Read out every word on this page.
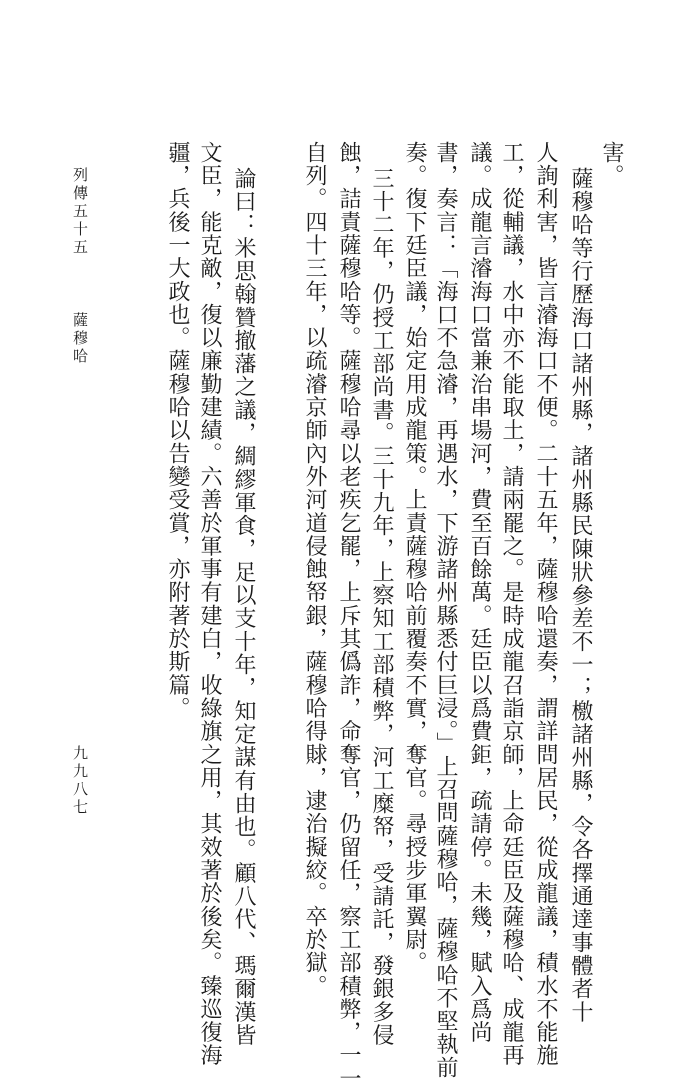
薩穆哈
列傳五十五
九九八七
害。
薩穆哈等行歷海口諸州縣，諸州縣民陳狀參差不一；檄諸州縣，令各擇通達事體者十
人詢利害，皆言濬海口不便。二十五年，薩穆哈還奏，謂詳問居民，從成龍議，積水不能施
工，從輔議，水中亦不能取土，請兩罷之。是時成龍召詣京師，上命廷臣及薩穆哈、成龍再
議。成龍言濬海口當兼治串場河，費至百餘萬。廷臣以爲費鉅，疏請停。未幾，賦入爲尚
書，奏言：「海口不急濬，再遇水，下游諸州縣悉付巨浸。」上召問薩穆哈，薩穆哈不堅執前
奏。復下廷臣議，始定用成龍策。上責薩穆哈前覆奏不實，奪官。尋授步軍翼尉。
三十二年，仍授工部尚書。三十九年，上察知工部積弊，河工糜帑，受請託，發銀多侵
蝕，詰責薩穆哈等。薩穆哈尋以老疾乞罷，上斥其僞詐，命奪官，仍留任，察工部積弊，一一
自列。四十三年，以疏濬京師內外河道侵蝕帑銀，薩穆哈得賕，逮治擬絞。卒於獄。
論曰：米思翰贊撤藩之議，綢繆軍食，足以支十年，知定謀有由也。顧八代、瑪爾漢皆
文臣，能克敵，復以廉勤建績。六善於軍事有建白，收綠旗之用，其效著於後矣。臻巡復海
疆，兵後一大政也。薩穆哈以告變受賞，亦附著於斯篇。
